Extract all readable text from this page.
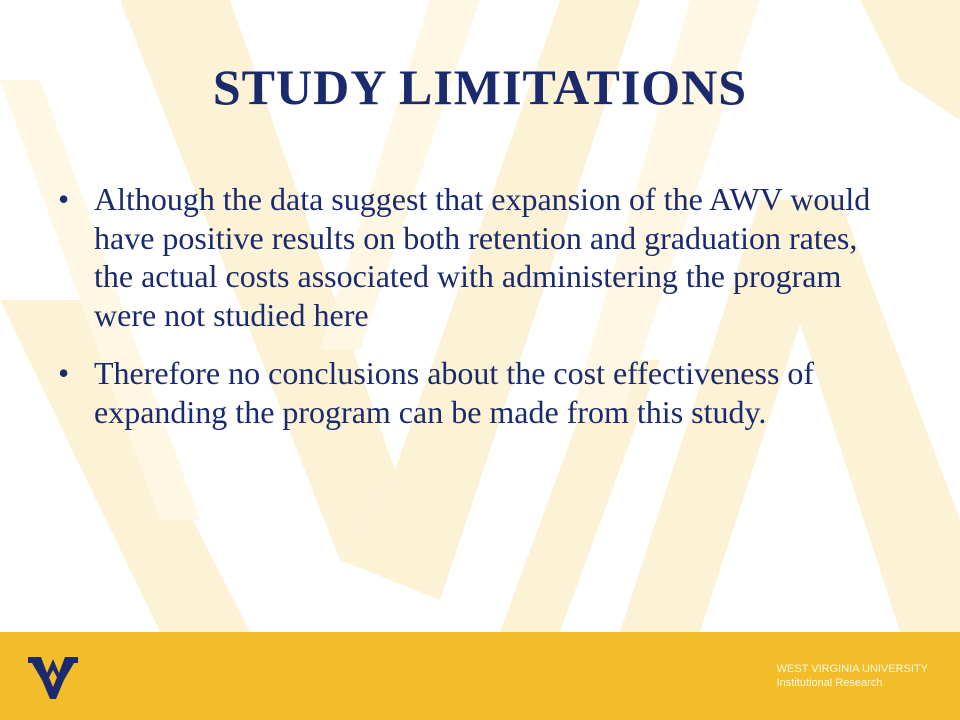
STUDY LIMITATIONS
• Although the data suggest that expansion of the AWV would have positive results on both retention and graduation rates, the actual costs associated with administering the program were not studied here
• Therefore no conclusions about the cost effectiveness of expanding the program can be made from this study.
WEST VIRGINIA UNIVERSITY
Institutional Research
